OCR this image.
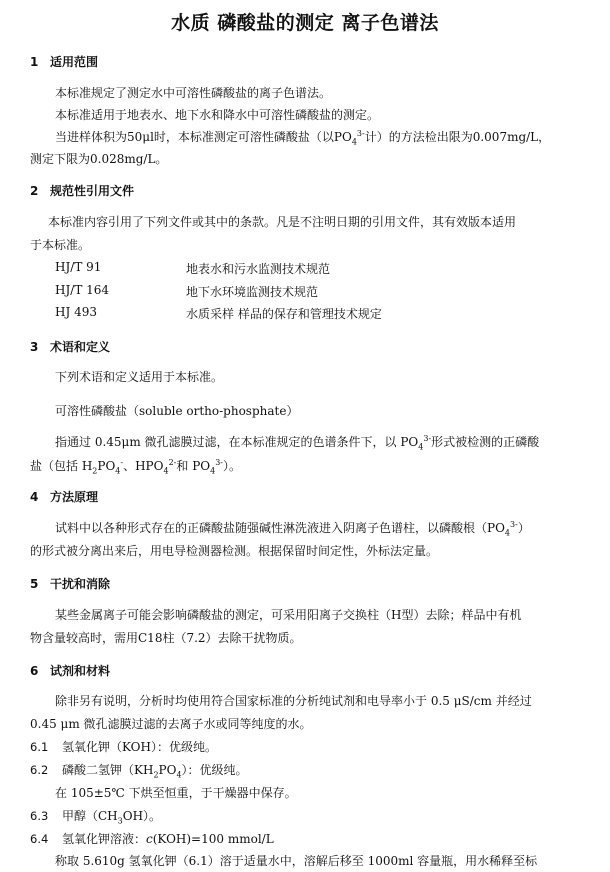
水质 磷酸盐的测定 离子色谱法
1 适用范围
本标准规定了测定水中可溶性磷酸盐的离子色谱法。
本标准适用于地表水、地下水和降水中可溶性磷酸盐的测定。
当进样体积为50μl时，本标准测定可溶性磷酸盐（以$PO_4^{3-}$计）的方法检出限为0.007mg/L，
测定下限为0.028mg/L。
2 规范性引用文件
本标准内容引用了下列文件或其中的条款。凡是不注明日期的引用文件，其有效版本适用
于本标准。
HJ/T 91	地表水和污水监测技术规范
HJ/T 164	地下水环境监测技术规范
HJ 493	水质采样 样品的保存和管理技术规定
3 术语和定义
下列术语和定义适用于本标准。
可溶性磷酸盐（soluble ortho-phosphate）
指通过 0.45μm 微孔滤膜过滤，在本标准规定的色谱条件下，以 $PO_4^{3-}$形式被检测的正磷酸
盐（包括 $H_2PO_4^-$、$HPO_4^{2-}$和 $PO_4^{3-}$）。
4 方法原理
试料中以各种形式存在的正磷酸盐随强碱性淋洗液进入阴离子色谱柱，以磷酸根$(PO_4^{3-})$
的形式被分离出来后，用电导检测器检测。根据保留时间定性，外标法定量。
5 干扰和消除
某些金属离子可能会影响磷酸盐的测定，可采用阳离子交换柱（H型）去除；样品中有机
物含量较高时，需用C18柱（7.2）去除干扰物质。
6 试剂和材料
除非另有说明，分析时均使用符合国家标准的分析纯试剂和电导率小于 0.5 μS/cm 并经过
0.45 μm 微孔滤膜过滤的去离子水或同等纯度的水。
6.1 氢氧化钾（KOH）：优级纯。
6.2 磷酸二氢钾$(KH_2PO_4)$：优级纯。
在 105±5℃ 下烘至恒重，于干燥器中保存。
6.3 甲醇$(CH_3OH)$。
6.4 氢氧化钾溶液：c(KOH)=100 mmol/L
称取 5.610g 氢氧化钾（6.1）溶于适量水中，溶解后移至 1000ml 容量瓶，用水稀释至标
